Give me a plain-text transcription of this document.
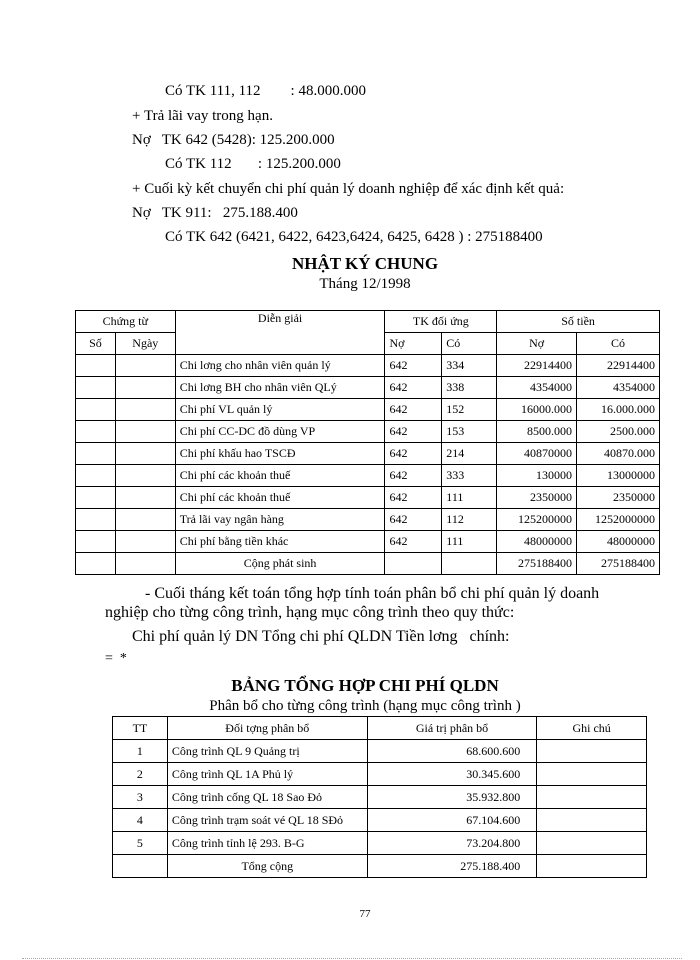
Có TK 111, 112        : 48.000.000
+ Trả lãi vay trong hạn.
Nợ   TK 642 (5428): 125.200.000
Có TK 112       : 125.200.000
+ Cuối kỳ kết chuyển chi phí quản lý doanh nghiệp để xác định kết quả:
Nợ   TK 911:   275.188.400
Có TK 642 (6421, 6422, 6423,6424, 6425, 6428 ) : 275188400
NHẬT KÝ CHUNG
Tháng 12/1998
Chứng từ		Diễn giải	TK đối ứng		Số tiền	
Số	Ngày		Nợ	Có	Nợ	Có
		Chi lơng cho nhân viên quản lý	642	334	22914400	22914400
		Chi lơng BH cho nhân viên QLý	642	338	4354000	4354000
		Chi phí VL quản lý	642	152	16000.000	16.000.000
		Chi phí CC-DC đồ dùng VP	642	153	8500.000	2500.000
		Chi phí khấu hao TSCĐ	642	214	40870000	40870.000
		Chi phí các khoản thuế	642	333	130000	13000000
		Chi phí các khoản thuế	642	111	2350000	2350000
		Trả lãi vay ngân hàng	642	112	125200000	1252000000
		Chi phí bằng tiền khác	642	111	48000000	48000000
		Cộng phát sinh			275188400	275188400
- Cuối tháng kết toán tổng hợp tính toán phân bổ chi phí quản lý doanh
nghiệp cho từng công trình, hạng mục công trình theo quy thức:
Chi phí quản lý DN Tổng chi phí QLDN Tiền lơng   chính:
=  *
BẢNG TỔNG HỢP CHI PHÍ QLDN
Phân bổ cho từng công trình (hạng mục công trình )
TT	Đối tợng phân bổ	Giá trị phân bổ	Ghi chú
1	Công trình QL 9 Quảng trị	68.600.600	
2	Công trình QL 1A Phủ lý	30.345.600	
3	Công trình cống QL 18 Sao Đỏ	35.932.800	
4	Công trình trạm soát vé QL 18 SĐỏ	67.104.600	
5	Công trình tỉnh lệ 293. B-G	73.204.800	
	Tổng cộng	275.188.400	
77
